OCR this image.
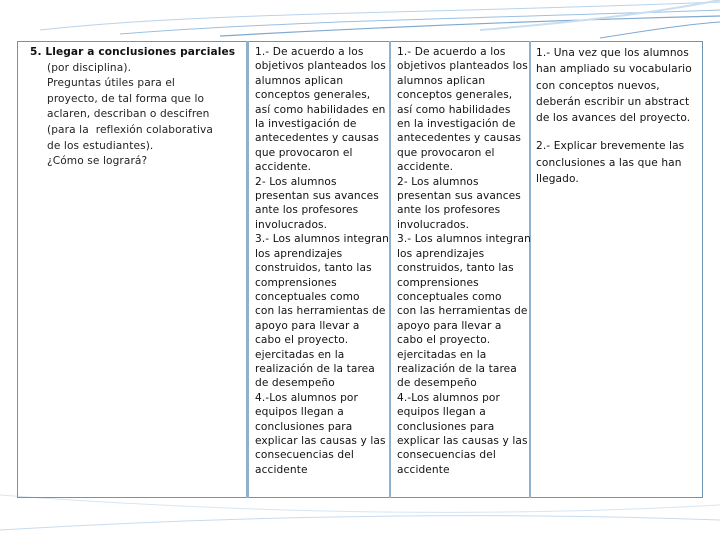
5. Llegar a conclusiones parciales
(por disciplina).
Preguntas útiles para el
proyecto, de tal forma que lo
aclaren, describan o descifren
(para la  reflexión colaborativa
de los estudiantes).
¿Cómo se logrará?
1.- De acuerdo a los
objetivos planteados los
alumnos aplican
conceptos generales,
así como habilidades en
la investigación de
antecedentes y causas
que provocaron el
accidente.
2- Los alumnos
presentan sus avances
ante los profesores
involucrados.
3.- Los alumnos integran
los aprendizajes
construidos, tanto las
comprensiones
conceptuales como
con las herramientas de
apoyo para llevar a
cabo el proyecto.
ejercitadas en la
realización de la tarea
de desempeño
4.-Los alumnos por
equipos llegan a
conclusiones para
explicar las causas y las
consecuencias del
accidente
1.- De acuerdo a los
objetivos planteados los
alumnos aplican
conceptos generales,
así como habilidades
en la investigación de
antecedentes y causas
que provocaron el
accidente.
2- Los alumnos
presentan sus avances
ante los profesores
involucrados.
3.- Los alumnos integran
los aprendizajes
construidos, tanto las
comprensiones
conceptuales como
con las herramientas de
apoyo para llevar a
cabo el proyecto.
ejercitadas en la
realización de la tarea
de desempeño
4.-Los alumnos por
equipos llegan a
conclusiones para
explicar las causas y las
consecuencias del
accidente
1.- Una vez que los alumnos
han ampliado su vocabulario
con conceptos nuevos,
deberán escribir un abstract
de los avances del proyecto.
2.- Explicar brevemente las
conclusiones a las que han
llegado.
